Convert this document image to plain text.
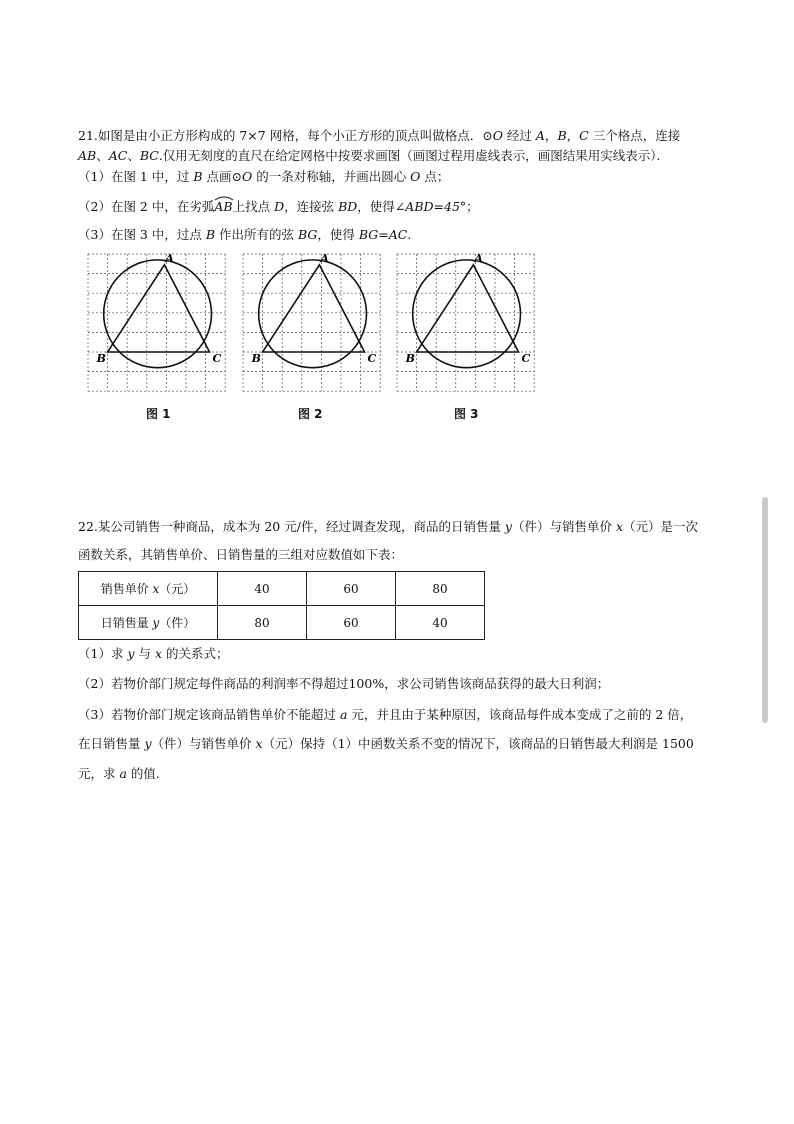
21.如图是由小正方形构成的 7×7 网格，每个小正方形的顶点叫做格点．⊙O 经过 A，B，C 三个格点，连接
AB、AC、BC.仅用无刻度的直尺在给定网格中按要求画图（画图过程用虚线表示，画图结果用实线表示）．
（1）在图 1 中，过 B 点画⊙O 的一条对称轴，并画出圆心 O 点；
（2）在图 2 中，在劣弧AB
上找点 D，连接弦 BD，使得∠ABD=45°；
（3）在图 3 中，过点 B 作出所有的弦 BG，使得 BG=AC.
A
B	C
A
B	C
A
B	C
图 1	图 2	图 3
22.某公司销售一种商品，成本为 20 元/件，经过调查发现，商品的日销售量 y（件）与销售单价 x（元）是一次
函数关系，其销售单价、日销售量的三组对应数值如下表：
销售单价 x（元）	40	60	80
日销售量 y（件）	80	60	40
（1）求 y 与 x 的关系式；
（2）若物价部门规定每件商品的利润率不得超过100%，求公司销售该商品获得的最大日利润；
（3）若物价部门规定该商品销售单价不能超过 a 元，并且由于某种原因，该商品每件成本变成了之前的 2 倍，
在日销售量 y（件）与销售单价 x（元）保持（1）中函数关系不变的情况下，该商品的日销售最大利润是 1500
元，求 a 的值.
